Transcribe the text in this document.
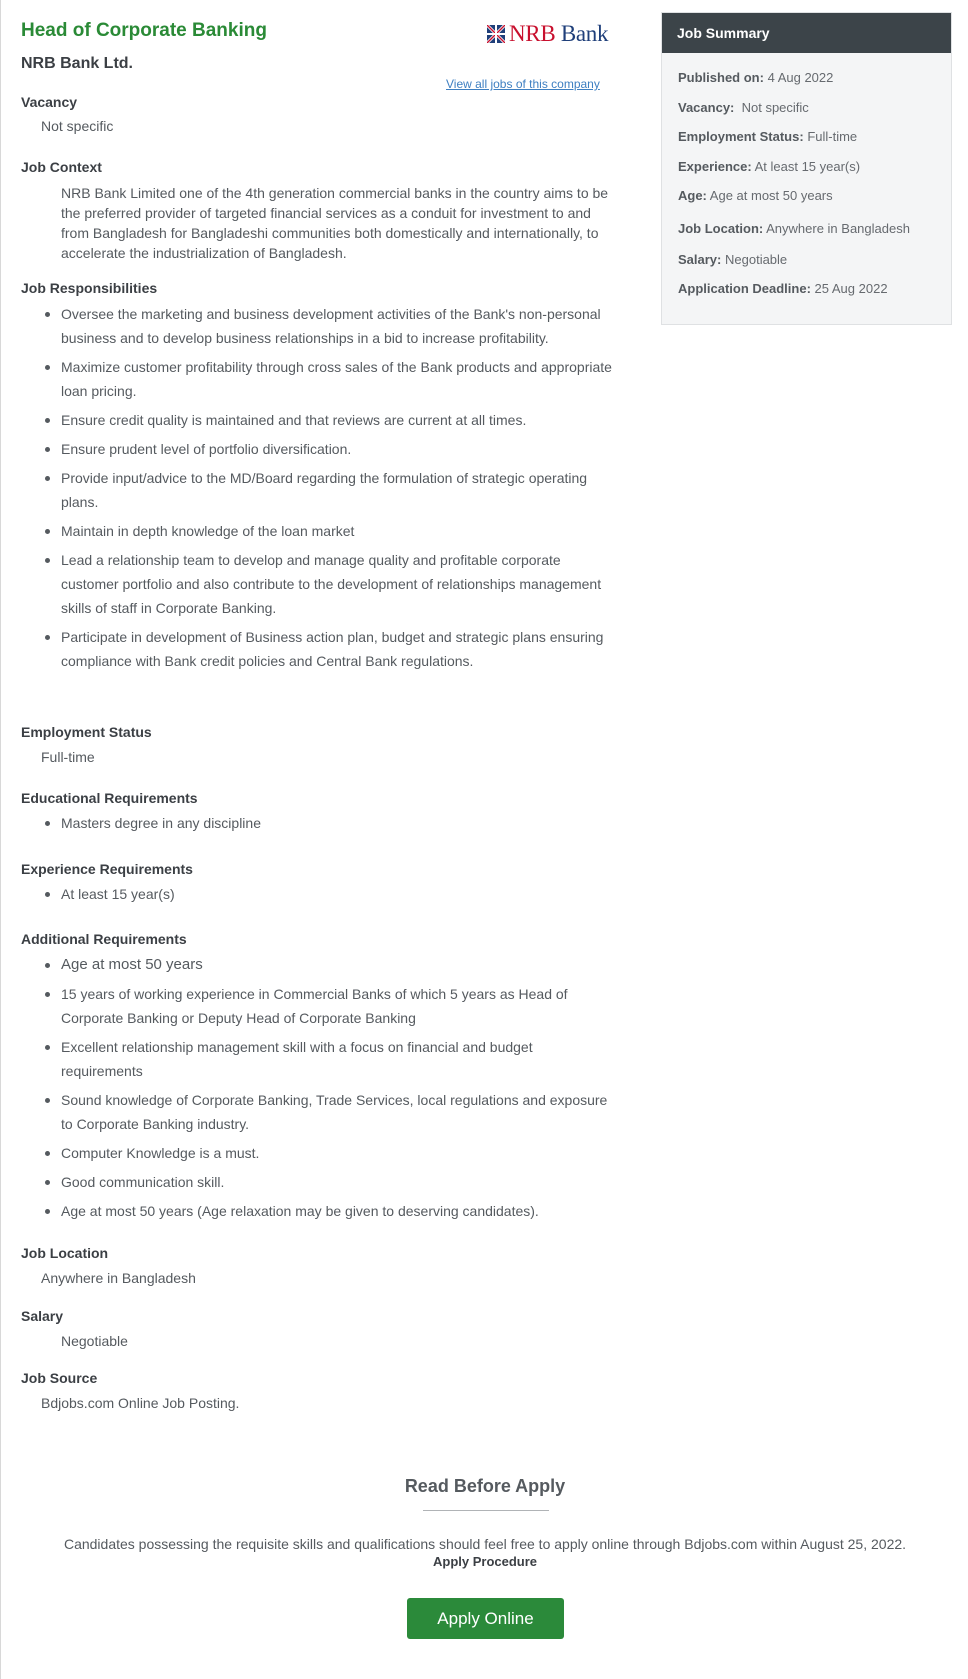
Head of Corporate Banking
NRB Bank Ltd.
NRB Bank
View all jobs of this company
Vacancy
Not specific
Job Context

NRB Bank Limited one of the 4th generation commercial banks in the country aims to be the preferred provider of targeted financial services as a conduit for investment to and from Bangladesh for Bangladeshi communities both domestically and internationally, to accelerate the industrialization of Bangladesh.

Job Responsibilities
Oversee the marketing and business development activities of the Bank's non-personal business and to develop business relationships in a bid to increase profitability.
Maximize customer profitability through cross sales of the Bank products and appropriate loan pricing.
Ensure credit quality is maintained and that reviews are current at all times.
Ensure prudent level of portfolio diversification.
Provide input/advice to the MD/Board regarding the formulation of strategic operating plans.
Maintain in depth knowledge of the loan market
Lead a relationship team to develop and manage quality and profitable corporate customer portfolio and also contribute to the development of relationships management skills of staff in Corporate Banking.
Participate in development of Business action plan, budget and strategic plans ensuring compliance with Bank credit policies and Central Bank regulations.
Employment Status
Full-time
Educational Requirements
Masters degree in any discipline
Experience Requirements
At least 15 year(s)
Additional Requirements
Age at most 50 years
15 years of working experience in Commercial Banks of which 5 years as Head of Corporate Banking or Deputy Head of Corporate Banking
Excellent relationship management skill with a focus on financial and budget requirements
Sound knowledge of Corporate Banking, Trade Services, local regulations and exposure to Corporate Banking industry.
Computer Knowledge is a must.
Good communication skill.
Age at most 50 years (Age relaxation may be given to deserving candidates).
Job Location
Anywhere in Bangladesh
Salary
Negotiable
Job Source
Bdjobs.com Online Job Posting.
Job Summary
Published on: 4 Aug 2022
Vacancy: Not specific
Employment Status: Full-time
Experience: At least 15 year(s)
Age: Age at most 50 years
Job Location: Anywhere in Bangladesh
Salary: Negotiable
Application Deadline: 25 Aug 2022
Read Before Apply

Candidates possessing the requisite skills and qualifications should feel free to apply online through Bdjobs.com within August 25, 2022.

Apply Procedure
Apply Online
